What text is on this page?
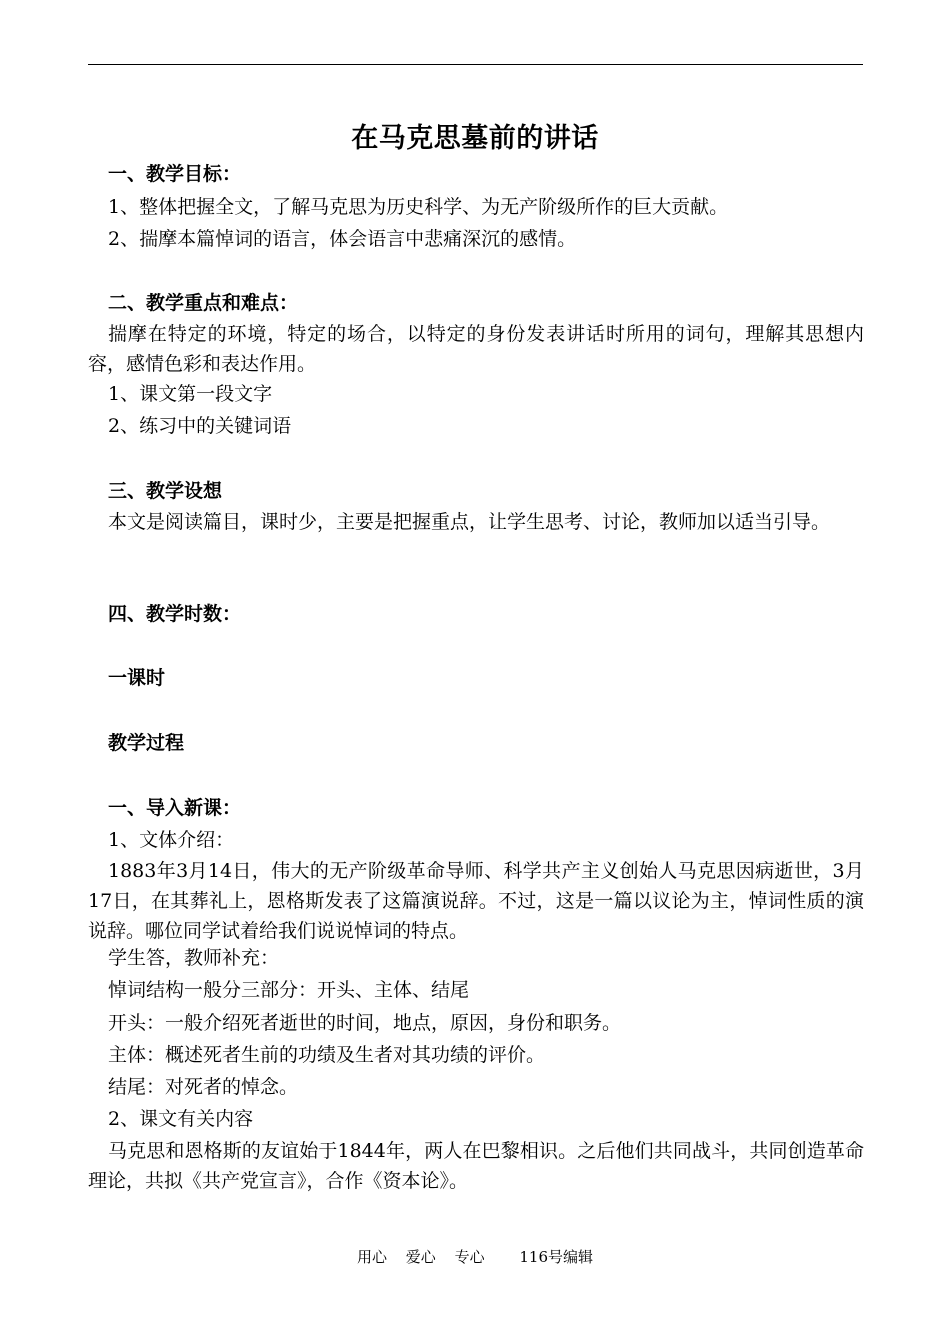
在马克思墓前的讲话
一、教学目标：
1、整体把握全文，了解马克思为历史科学、为无产阶级所作的巨大贡献。
2、揣摩本篇悼词的语言，体会语言中悲痛深沉的感情。
二、教学重点和难点：
揣摩在特定的环境，特定的场合，以特定的身份发表讲话时所用的词句，理解其思想内容，感情色彩和表达作用。
1、课文第一段文字
2、练习中的关键词语
三、教学设想
本文是阅读篇目，课时少，主要是把握重点，让学生思考、讨论，教师加以适当引导。
四、教学时数：
一课时
教学过程
一、导入新课：
1、文体介绍：
1883年3月14日，伟大的无产阶级革命导师、科学共产主义创始人马克思因病逝世，3月17日，在其葬礼上，恩格斯发表了这篇演说辞。不过，这是一篇以议论为主，悼词性质的演说辞。哪位同学试着给我们说说悼词的特点。
学生答，教师补充：
悼词结构一般分三部分：开头、主体、结尾
开头：一般介绍死者逝世的时间，地点，原因，身份和职务。
主体：概述死者生前的功绩及生者对其功绩的评价。
结尾：对死者的悼念。
2、课文有关内容
马克思和恩格斯的友谊始于1844年，两人在巴黎相识。之后他们共同战斗，共同创造革命理论，共拟《共产党宣言》，合作《资本论》。
用心 爱心 专心 116号编辑
